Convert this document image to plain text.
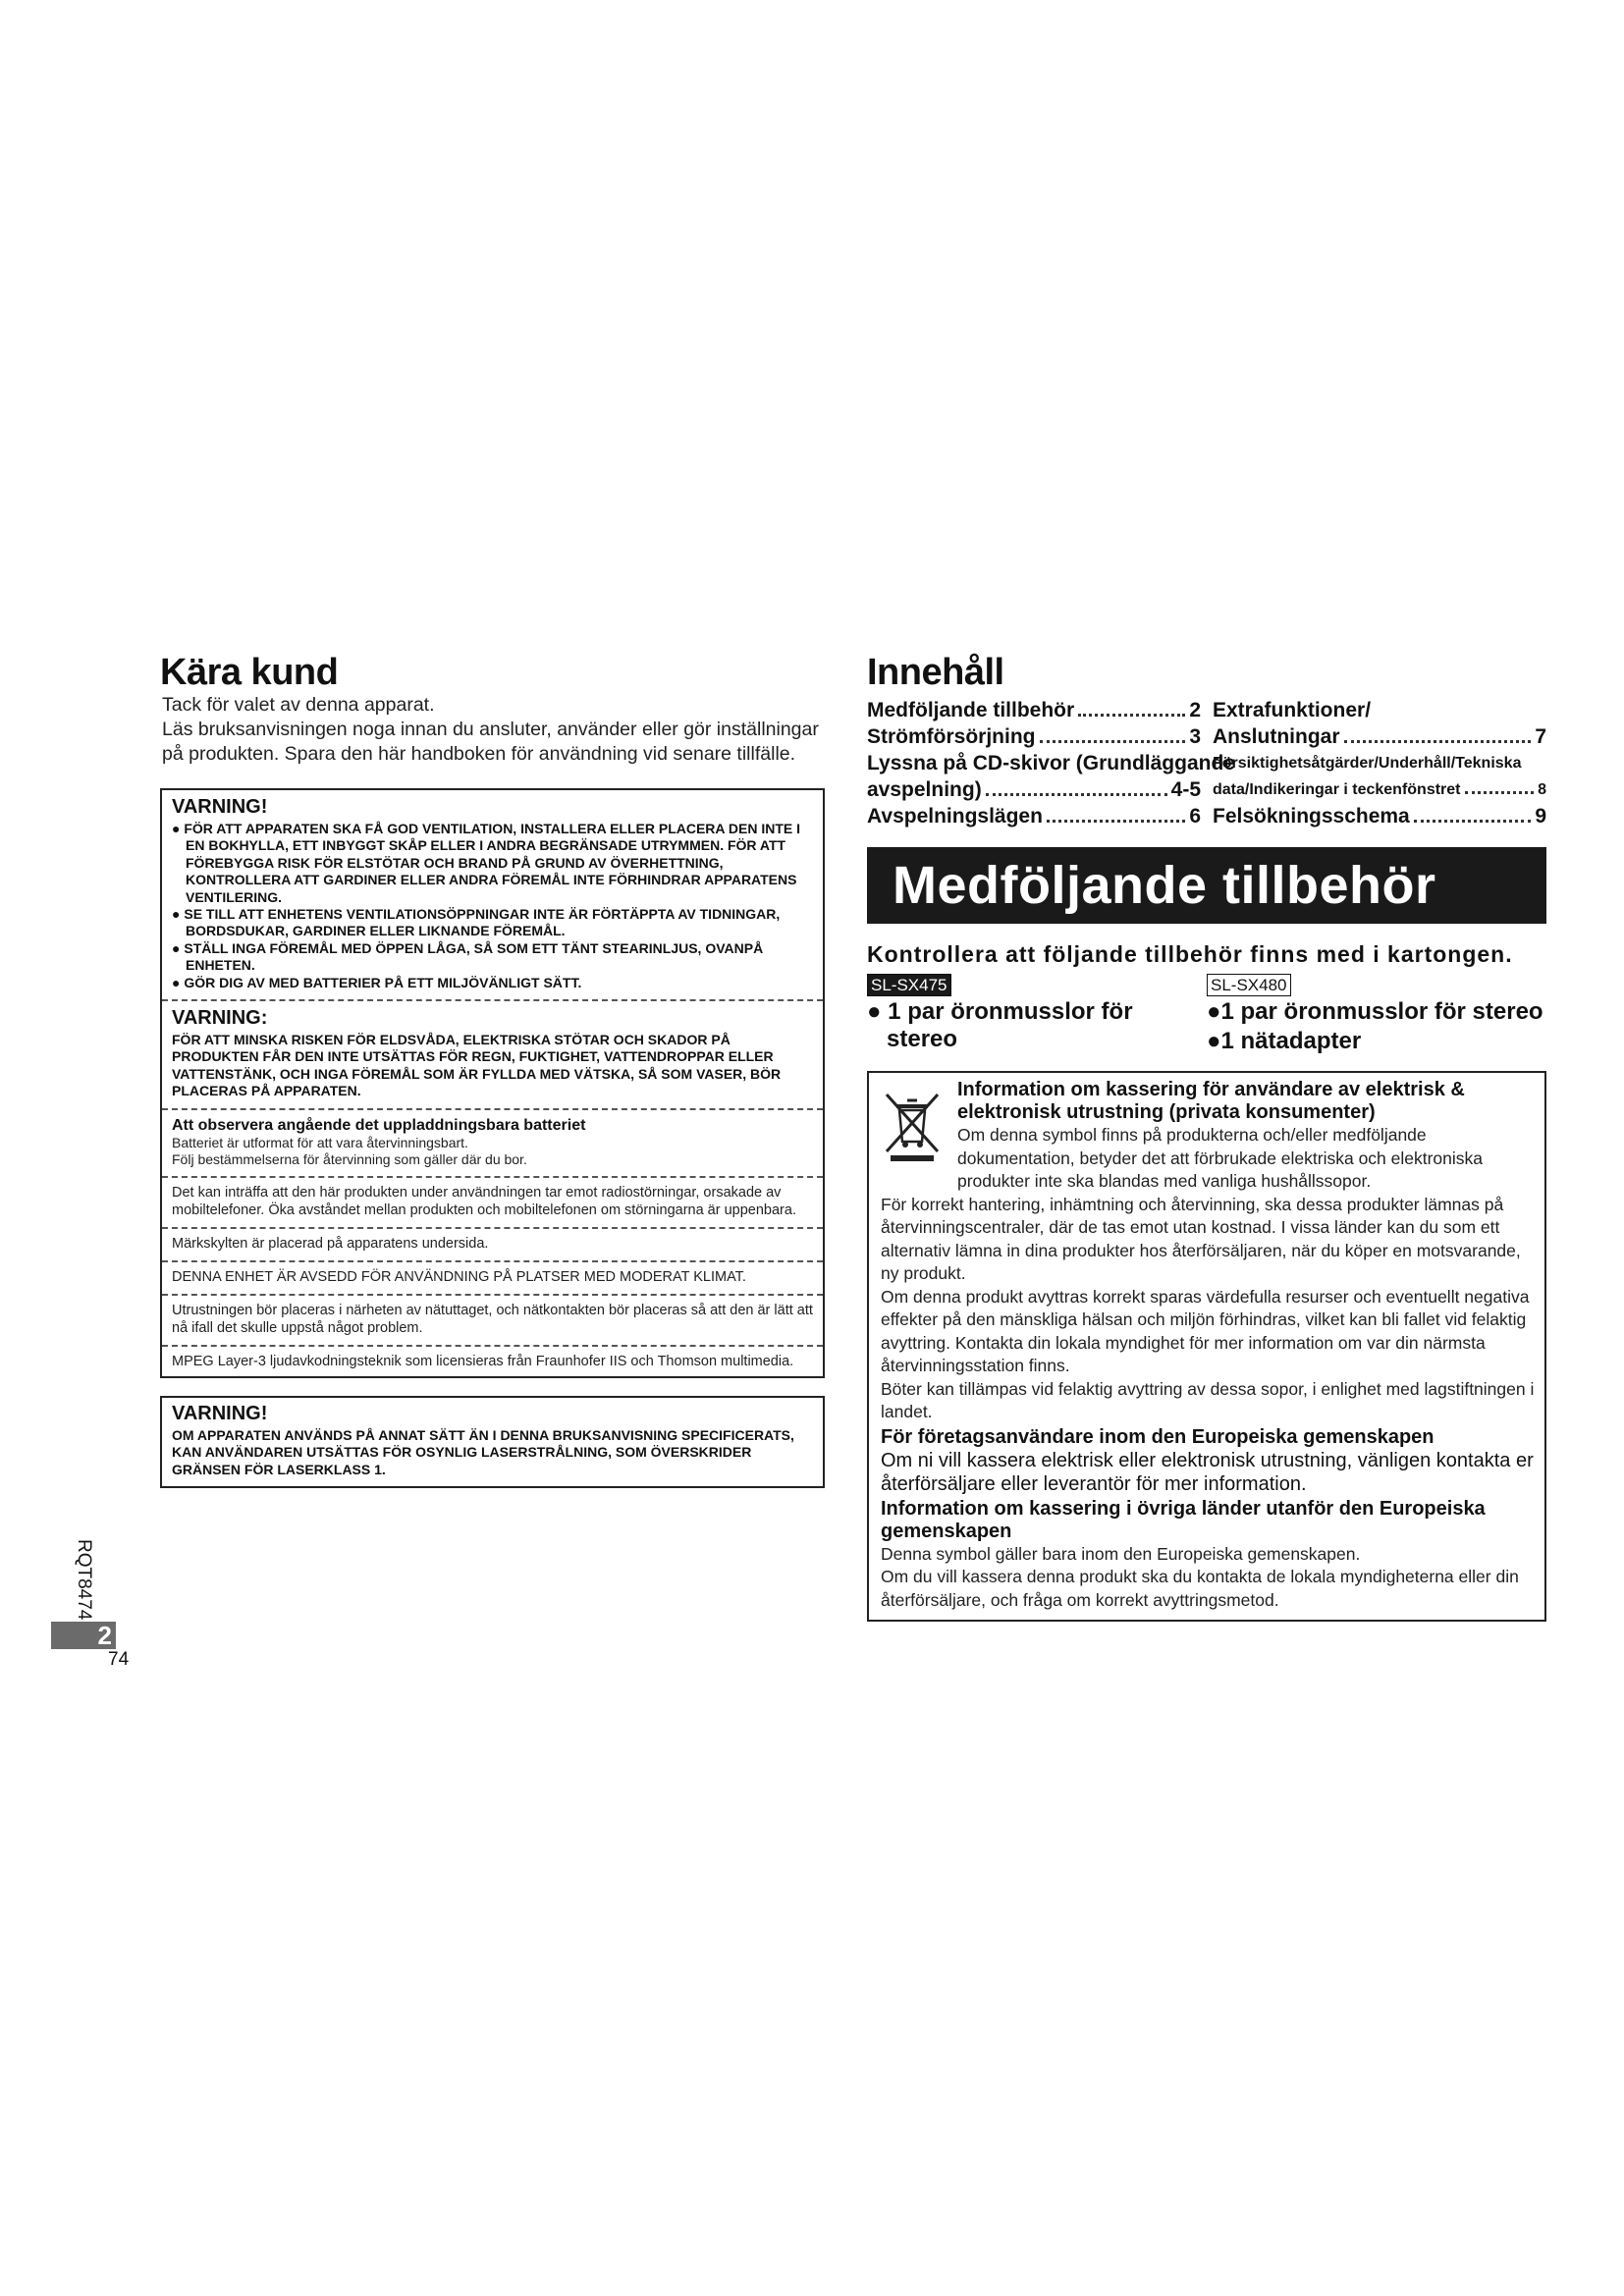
Kära kund

Tack för valet av denna apparat.

Läs bruksanvisningen noga innan du ansluter, använder eller gör inställningar

på produkten. Spara den här handboken för användning vid senare tillfälle.

VARNING!
● FÖR ATT APPARATEN SKA FÅ GOD VENTILATION, INSTALLERA ELLER PLACERA DEN INTE I EN BOKHYLLA, ETT INBYGGT SKÅP ELLER I ANDRA BEGRÄNSADE UTRYMMEN. FÖR ATT FÖREBYGGA RISK FÖR ELSTÖTAR OCH BRAND PÅ GRUND AV ÖVERHETTNING, KONTROLLERA ATT GARDINER ELLER ANDRA FÖREMÅL INTE FÖRHINDRAR APPARATENS VENTILERING.
● SE TILL ATT ENHETENS VENTILATIONSÖPPNINGAR INTE ÄR FÖRTÄPPTA AV TIDNINGAR, BORDSDUKAR, GARDINER ELLER LIKNANDE FÖREMÅL.
● STÄLL INGA FÖREMÅL MED ÖPPEN LÅGA, SÅ SOM ETT TÄNT STEARINLJUS, OVANPÅ ENHETEN.
● GÖR DIG AV MED BATTERIER PÅ ETT MILJÖVÄNLIGT SÄTT.
VARNING:
FÖR ATT MINSKA RISKEN FÖR ELDSVÅDA, ELEKTRISKA STÖTAR OCH SKADOR PÅ PRODUKTEN FÅR DEN INTE UTSÄTTAS FÖR REGN, FUKTIGHET, VATTENDROPPAR ELLER VATTENSTÄNK, OCH INGA FÖREMÅL SOM ÄR FYLLDA MED VÄTSKA, SÅ SOM VASER, BÖR PLACERAS PÅ APPARATEN.
Att observera angående det uppladdningsbara batteriet
Batteriet är utformat för att vara återvinningsbart.
Följ bestämmelserna för återvinning som gäller där du bor.
Det kan inträffa att den här produkten under användningen tar emot radiostörningar, orsakade av mobiltelefoner. Öka avståndet mellan produkten och mobiltelefonen om störningarna är uppenbara.
Märkskylten är placerad på apparatens undersida.
DENNA ENHET ÄR AVSEDD FÖR ANVÄNDNING PÅ PLATSER MED MODERAT KLIMAT.
Utrustningen bör placeras i närheten av nätuttaget, och nätkontakten bör placeras så att den är lätt att nå ifall det skulle uppstå något problem.
MPEG Layer-3 ljudavkodningsteknik som licensieras från Fraunhofer IIS och Thomson multimedia.
VARNING!
OM APPARATEN ANVÄNDS PÅ ANNAT SÄTT ÄN I DENNA BRUKSANVISNING SPECIFICERATS, KAN ANVÄNDAREN UTSÄTTAS FÖR OSYNLIG LASERSTRÅLNING, SOM ÖVERSKRIDER GRÄNSEN FÖR LASERKLASS 1.
RQT8474
2
74
Innehåll
Medföljande tillbehör	2
Strömförsörjning	3
Lyssna på CD-skivor (Grundläggande
avspelning)	4-5
Avspelningslägen	6
Extrafunktioner/
Anslutningar	7
Försiktighetsåtgärder/Underhåll/Tekniska
data/Indikeringar i teckenfönstret	8
Felsökningsschema	9
Medföljande tillbehör
Kontrollera att följande tillbehör finns med i kartongen.
SL-SX475
● 1 par öronmusslor för stereo
SL-SX480
●1 par öronmusslor för stereo
●1 nätadapter
Information om kassering för användare av elektrisk & elektronisk utrustning (privata konsumenter)
Om denna symbol finns på produkterna och/eller medföljande dokumentation, betyder det att förbrukade elektriska och elektroniska produkter inte ska blandas med vanliga hushållssopor.

För korrekt hantering, inhämtning och återvinning, ska dessa produkter lämnas på återvinningscentraler, där de tas emot utan kostnad. I vissa länder kan du som ett alternativ lämna in dina produkter hos återförsäljaren, när du köper en motsvarande, ny produkt.

Om denna produkt avyttras korrekt sparas värdefulla resurser och eventuellt negativa effekter på den mänskliga hälsan och miljön förhindras, vilket kan bli fallet vid felaktig avyttring. Kontakta din lokala myndighet för mer information om var din närmsta återvinningsstation finns.

Böter kan tillämpas vid felaktig avyttring av dessa sopor, i enlighet med lagstiftningen i landet.

För företagsanvändare inom den Europeiska gemenskapen
Om ni vill kassera elektrisk eller elektronisk utrustning, vänligen kontakta er återförsäljare eller leverantör för mer information.
Information om kassering i övriga länder utanför den Europeiska gemenskapen
Denna symbol gäller bara inom den Europeiska gemenskapen.
Om du vill kassera denna produkt ska du kontakta de lokala myndigheterna eller din återförsäljare, och fråga om korrekt avyttringsmetod.
